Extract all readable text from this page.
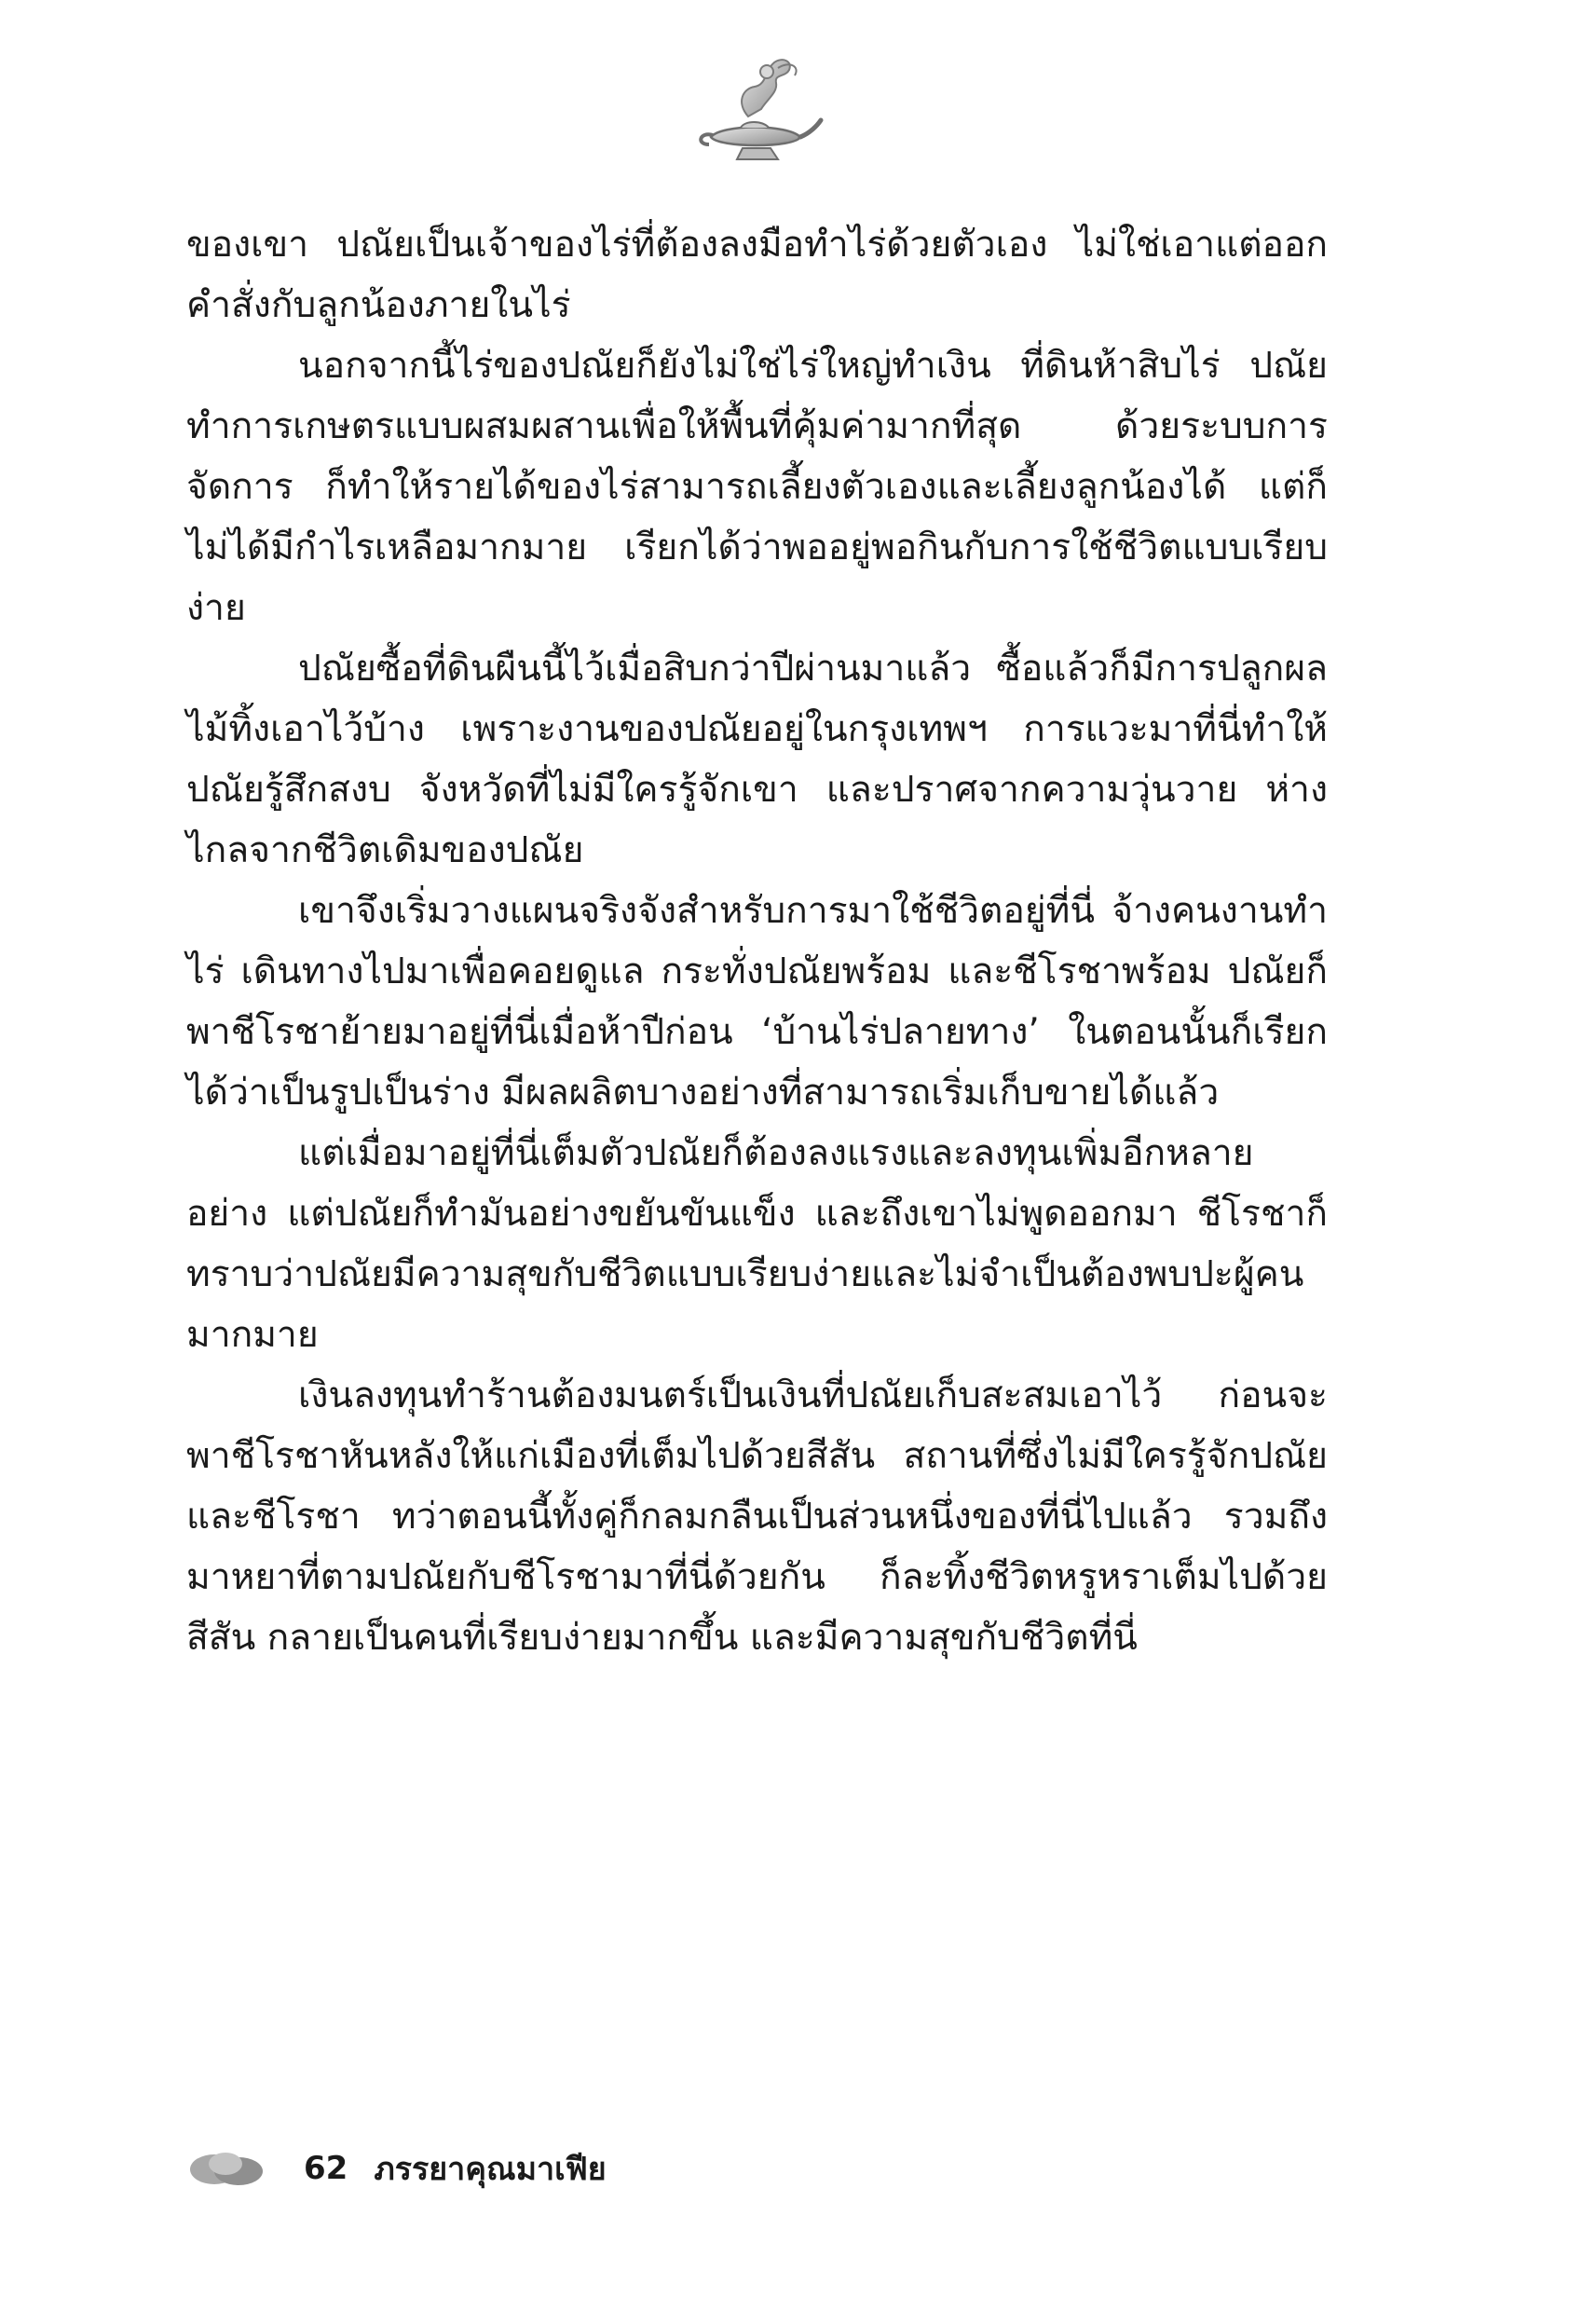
ของเขา ปณัยเป็นเจ้าของไร่ที่ต้องลงมือทำไร่ด้วยตัวเอง ไม่ใช่เอาแต่ออกคำสั่งกับลูกน้องภายในไร่

นอกจากนี้ไร่ของปณัยก็ยังไม่ใช่ไร่ใหญ่ทำเงิน ที่ดินห้าสิบไร่ ปณัยทำการเกษตรแบบผสมผสานเพื่อให้พื้นที่คุ้มค่ามากที่สุด ด้วยระบบการจัดการ ก็ทำให้รายได้ของไร่สามารถเลี้ยงตัวเองและเลี้ยงลูกน้องได้ แต่ก็ไม่ได้มีกำไรเหลือมากมาย เรียกได้ว่าพออยู่พอกินกับการใช้ชีวิตแบบเรียบง่าย

ปณัยซื้อที่ดินผืนนี้ไว้เมื่อสิบกว่าปีผ่านมาแล้ว ซื้อแล้วก็มีการปลูกผลไม้ทิ้งเอาไว้บ้าง เพราะงานของปณัยอยู่ในกรุงเทพฯ การแวะมาที่นี่ทำให้ปณัยรู้สึกสงบ จังหวัดที่ไม่มีใครรู้จักเขา และปราศจากความวุ่นวาย ห่างไกลจากชีวิตเดิมของปณัย

เขาจึงเริ่มวางแผนจริงจังสำหรับการมาใช้ชีวิตอยู่ที่นี่ จ้างคนงานทำไร่ เดินทางไปมาเพื่อคอยดูแล กระทั่งปณัยพร้อม และชีโรชาพร้อม ปณัยก็พาชีโรชาย้ายมาอยู่ที่นี่เมื่อห้าปีก่อน ‘บ้านไร่ปลายทาง’ ในตอนนั้นก็เรียกได้ว่าเป็นรูปเป็นร่าง มีผลผลิตบางอย่างที่สามารถเริ่มเก็บขายได้แล้ว

แต่เมื่อมาอยู่ที่นี่เต็มตัวปณัยก็ต้องลงแรงและลงทุนเพิ่มอีกหลายอย่าง แต่ปณัยก็ทำมันอย่างขยันขันแข็ง และถึงเขาไม่พูดออกมา ชีโรชาก็ทราบว่าปณัยมีความสุขกับชีวิตแบบเรียบง่ายและไม่จำเป็นต้องพบปะผู้คนมากมาย

เงินลงทุนทำร้านต้องมนตร์เป็นเงินที่ปณัยเก็บสะสมเอาไว้ ก่อนจะพาชีโรชาหันหลังให้แก่เมืองที่เต็มไปด้วยสีสัน สถานที่ซึ่งไม่มีใครรู้จักปณัยและชีโรชา ทว่าตอนนี้ทั้งคู่ก็กลมกลืนเป็นส่วนหนึ่งของที่นี่ไปแล้ว รวมถึงมาหยาที่ตามปณัยกับชีโรชามาที่นี่ด้วยกัน ก็ละทิ้งชีวิตหรูหราเต็มไปด้วยสีสัน กลายเป็นคนที่เรียบง่ายมากขึ้น และมีความสุขกับชีวิตที่นี่

62 ภรรยาคุณมาเฟีย
